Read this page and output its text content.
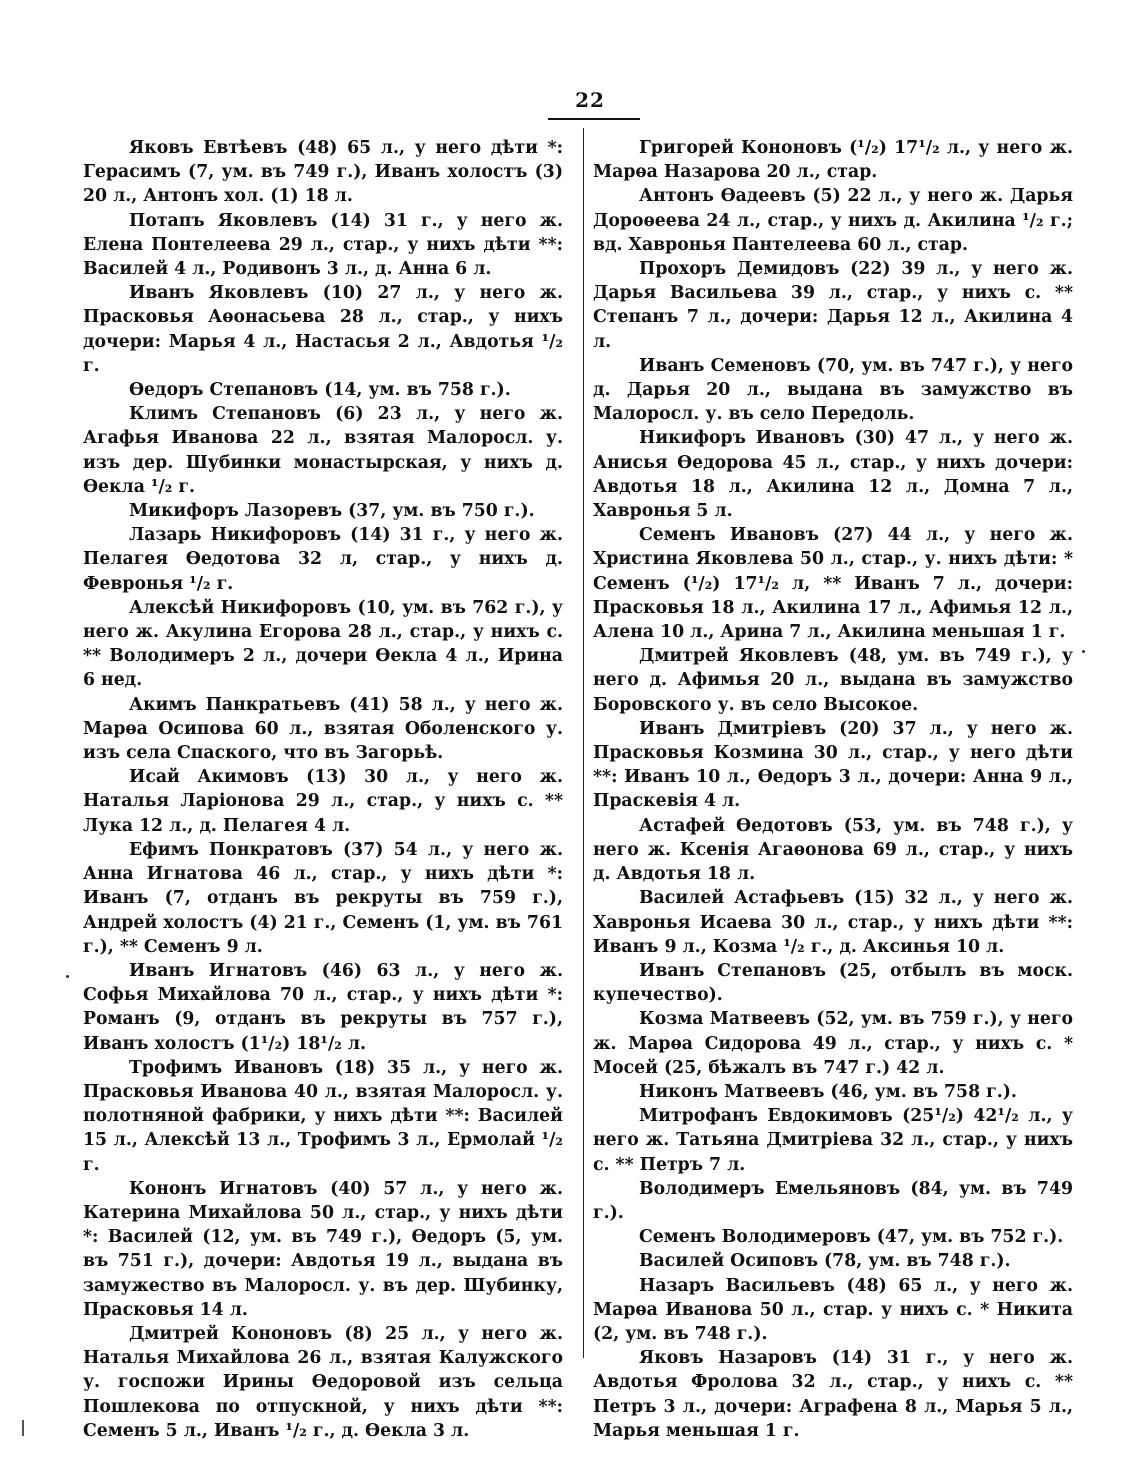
22

Яковъ Евтѣевъ (48) 65 л., у него дѣти *: Герасимъ (7, ум. въ 749 г.), Иванъ холостъ (3) 20 л., Антонъ хол. (1) 18 л.

Потапъ Яковлевъ (14) 31 г., у него ж. Елена Понтелеева 29 л., стар., у нихъ дѣти **: Василей 4 л., Родивонъ 3 л., д. Анна 6 л.

Иванъ Яковлевъ (10) 27 л., у него ж. Прасковья Аѳонасьева 28 л., стар., у нихъ дочери: Марья 4 л., Настасья 2 л., Авдотья ¹/₂ г.

Ѳедоръ Степановъ (14, ум. въ 758 г.).

Климъ Степановъ (6) 23 л., у него ж. Агафья Иванова 22 л., взятая Малоросл. у. изъ дер. Шубинки монастырская, у нихъ д. Ѳекла ¹/₂ г.

Микифоръ Лазоревъ (37, ум. въ 750 г.).

Лазарь Никифоровъ (14) 31 г., у него ж. Пелагея Ѳедотова 32 л, стар., у нихъ д. Февронья ¹/₂ г.

Алексѣй Никифоровъ (10, ум. въ 762 г.), у него ж. Акулина Егорова 28 л., стар., у нихъ с. ** Володимеръ 2 л., дочери Ѳекла 4 л., Ирина 6 нед.

Акимъ Панкратьевъ (41) 58 л., у него ж. Марѳа Осипова 60 л., взятая Оболенского у. изъ села Спаского, что въ Загорьѣ.

Исай Акимовъ (13) 30 л., у него ж. Наталья Ларіонова 29 л., стар., у нихъ с. ** Лука 12 л., д. Пелагея 4 л.

Ефимъ Понкратовъ (37) 54 л., у него ж. Анна Игнатова 46 л., стар., у нихъ дѣти *: Иванъ (7, отданъ въ рекруты въ 759 г.), Андрей холостъ (4) 21 г., Семенъ (1, ум. въ 761 г.), ** Семенъ 9 л.

Иванъ Игнатовъ (46) 63 л., у него ж. Софья Михайлова 70 л., стар., у нихъ дѣти *: Романъ (9, отданъ въ рекруты въ 757 г.), Иванъ холостъ (1¹/₂) 18¹/₂ л.

Трофимъ Ивановъ (18) 35 л., у него ж. Прасковья Иванова 40 л., взятая Малоросл. у. полотняной фабрики, у нихъ дѣти **: Василей 15 л., Алексѣй 13 л., Трофимъ 3 л., Ермолай ¹/₂ г.

Кононъ Игнатовъ (40) 57 л., у него ж. Катерина Михайлова 50 л., стар., у нихъ дѣти *: Василей (12, ум. въ 749 г.), Ѳедоръ (5, ум. въ 751 г.), дочери: Авдотья 19 л., выдана въ замужество въ Малоросл. у. въ дер. Шубинку, Прасковья 14 л.

Дмитрей Кононовъ (8) 25 л., у него ж. Наталья Михайлова 26 л., взятая Калужского у. госпожи Ирины Ѳедоровой изъ сельца Пошлекова по отпускной, у нихъ дѣти **: Семенъ 5 л., Иванъ ¹/₂ г., д. Ѳекла 3 л.

Григорей Кононовъ (¹/₂) 17¹/₂ л., у него ж. Марѳа Назарова 20 л., стар.

Антонъ Ѳадеевъ (5) 22 л., у него ж. Дарья Дороѳеева 24 л., стар., у нихъ д. Акилина ¹/₂ г.; вд. Хавронья Пантелеева 60 л., стар.

Прохоръ Демидовъ (22) 39 л., у него ж. Дарья Васильева 39 л., стар., у нихъ с. ** Степанъ 7 л., дочери: Дарья 12 л., Акилина 4 л.

Иванъ Семеновъ (70, ум. въ 747 г.), у него д. Дарья 20 л., выдана въ замужство въ Малоросл. у. въ село Передоль.

Никифоръ Ивановъ (30) 47 л., у него ж. Анисья Ѳедорова 45 л., стар., у нихъ дочери: Авдотья 18 л., Акилина 12 л., Домна 7 л., Хавронья 5 л.

Семенъ Ивановъ (27) 44 л., у него ж. Христина Яковлева 50 л., стар., у. нихъ дѣти: * Семенъ (¹/₂) 17¹/₂ л, ** Иванъ 7 л., дочери: Прасковья 18 л., Акилина 17 л., Афимья 12 л., Алена 10 л., Арина 7 л., Акилина меньшая 1 г.

Дмитрей Яковлевъ (48, ум. въ 749 г.), у него д. Афимья 20 л., выдана въ замужство Боровского у. въ село Высокое.

Иванъ Дмитріевъ (20) 37 л., у него ж. Прасковья Козмина 30 л., стар., у него дѣти **: Иванъ 10 л., Ѳедоръ 3 л., дочери: Анна 9 л., Праскевія 4 л.

Астафей Ѳедотовъ (53, ум. въ 748 г.), у него ж. Ксенія Агаѳонова 69 л., стар., у нихъ д. Авдотья 18 л.

Василей Астафьевъ (15) 32 л., у него ж. Хавронья Исаева 30 л., стар., у нихъ дѣти **: Иванъ 9 л., Козма ¹/₂ г., д. Аксинья 10 л.

Иванъ Степановъ (25, отбылъ въ моск. купечество).

Козма Матвеевъ (52, ум. въ 759 г.), у него ж. Марѳа Сидорова 49 л., стар., у нихъ с. * Мосей (25, бѣжалъ въ 747 г.) 42 л.

Никонъ Матвеевъ (46, ум. въ 758 г.).

Митрофанъ Евдокимовъ (25¹/₂) 42¹/₂ л., у него ж. Татьяна Дмитріева 32 л., стар., у нихъ с. ** Петръ 7 л.

Володимеръ Емельяновъ (84, ум. въ 749 г.).

Семенъ Володимеровъ (47, ум. въ 752 г.).

Василей Осиповъ (78, ум. въ 748 г.).

Назаръ Васильевъ (48) 65 л., у него ж. Марѳа Иванова 50 л., стар. у нихъ с. * Никита (2, ум. въ 748 г.).

Яковъ Назаровъ (14) 31 г., у него ж. Авдотья Фролова 32 л., стар., у нихъ с. ** Петръ 3 л., дочери: Аграфена 8 л., Марья 5 л., Марья меньшая 1 г.
